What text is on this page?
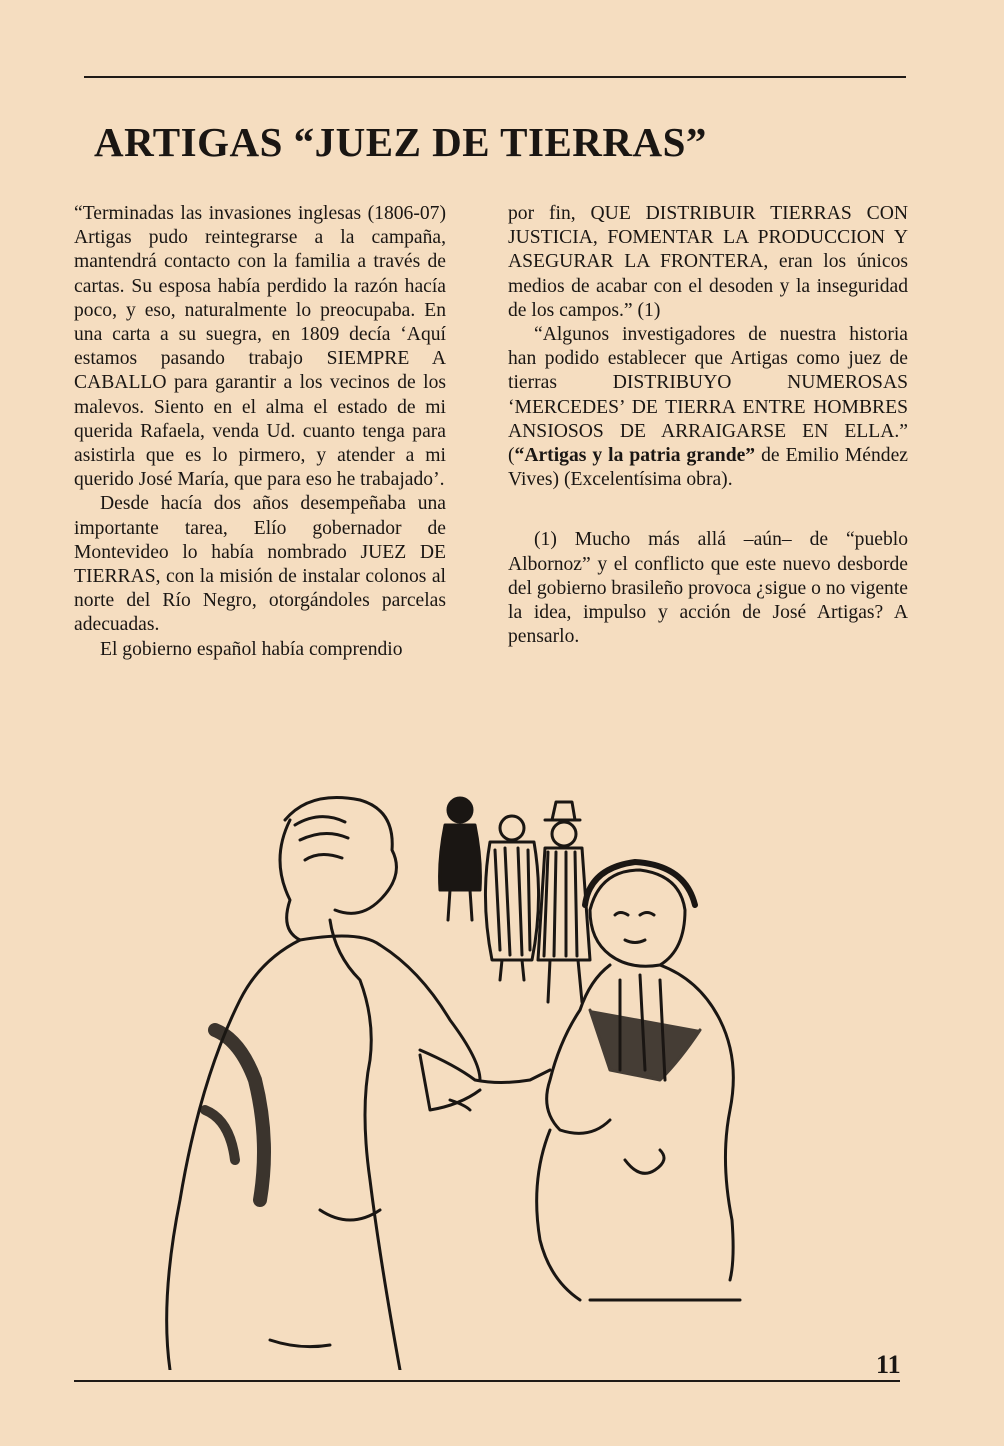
ARTIGAS “JUEZ DE TIERRAS”

“Terminadas las invasiones inglesas (1806-07) Artigas pudo reintegrarse a la campaña, mantendrá contacto con la familia a través de cartas. Su esposa había perdido la razón hacía poco, y eso, naturalmente lo preocupaba. En una carta a su suegra, en 1809 decía ‘Aquí estamos pasando trabajo SIEMPRE A CABALLO para garantir a los vecinos de los malevos. Siento en el alma el estado de mi querida Rafaela, venda Ud. cuanto tenga para asistirla que es lo pirmero, y atender a mi querido José María, que para eso he trabajado’.

Desde hacía dos años desempeñaba una importante tarea, Elío gobernador de Montevideo lo había nombrado JUEZ DE TIERRAS, con la misión de instalar colonos al norte del Río Negro, otorgándoles parcelas adecuadas.

El gobierno español había comprendio

por fin, QUE DISTRIBUIR TIERRAS CON JUSTICIA, FOMENTAR LA PRODUCCION Y ASEGURAR LA FRONTERA, eran los únicos medios de acabar con el desoden y la inseguridad de los campos.” (1)

“Algunos investigadores de nuestra historia han podido establecer que Artigas como juez de tierras DISTRIBUYO NUMEROSAS ‘MERCEDES’ DE TIERRA ENTRE HOMBRES ANSIOSOS DE ARRAIGARSE EN ELLA.” (“Artigas y la patria grande” de Emilio Méndez Vives) (Excelentísima obra).

(1) Mucho más allá –aún– de “pueblo Albornoz” y el conflicto que este nuevo desborde del gobierno brasileño provoca ¿sigue o no vigente la idea, impulso y acción de José Artigas? A pensarlo.

11
